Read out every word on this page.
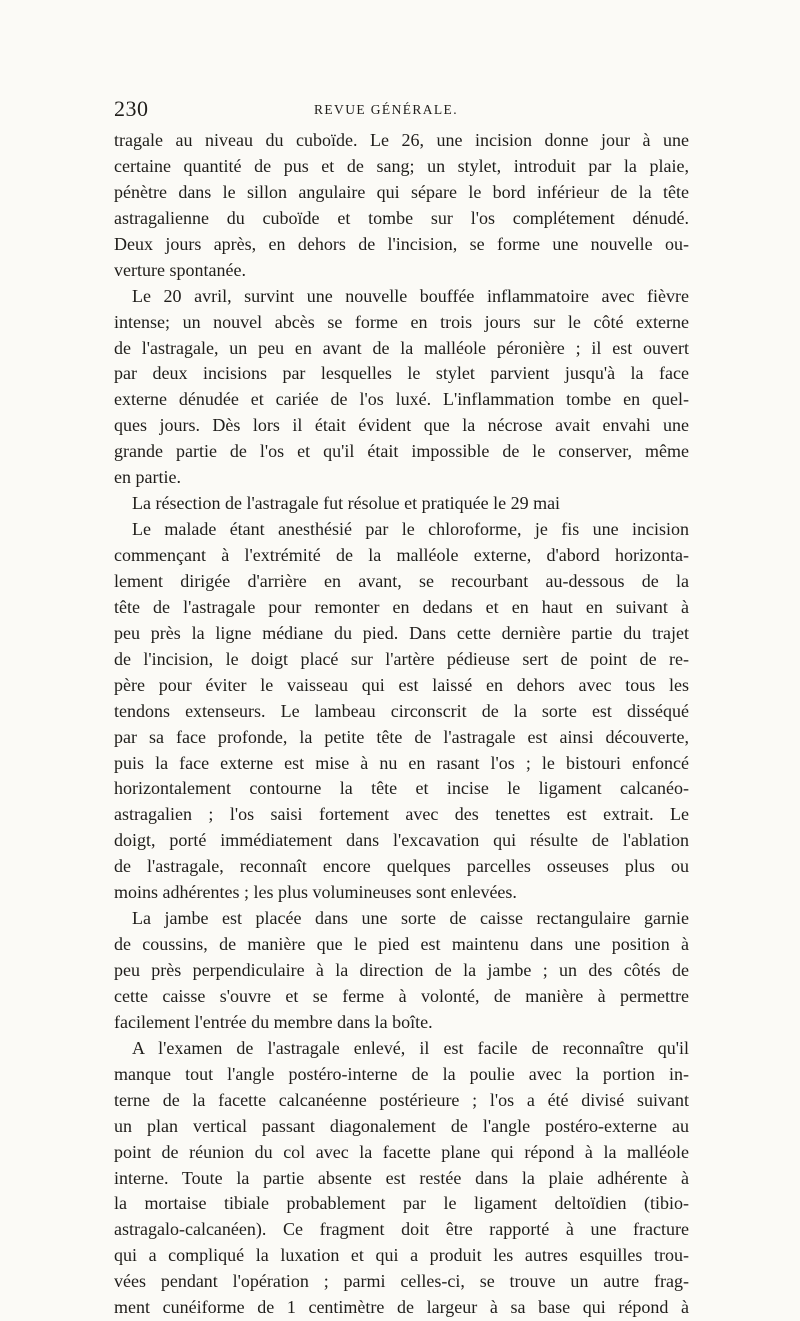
230	REVUE GÉNÉRALE.
tragale au niveau du cuboïde. Le 26, une incision donne jour à une
certaine quantité de pus et de sang; un stylet, introduit par la plaie,
pénètre dans le sillon angulaire qui sépare le bord inférieur de la tête
astragalienne du cuboïde et tombe sur l'os complétement dénudé.
Deux jours après, en dehors de l'incision, se forme une nouvelle ou-
verture spontanée.
Le 20 avril, survint une nouvelle bouffée inflammatoire avec fièvre
intense; un nouvel abcès se forme en trois jours sur le côté externe
de l'astragale, un peu en avant de la malléole péronière ; il est ouvert
par deux incisions par lesquelles le stylet parvient jusqu'à la face
externe dénudée et cariée de l'os luxé. L'inflammation tombe en quel-
ques jours. Dès lors il était évident que la nécrose avait envahi une
grande partie de l'os et qu'il était impossible de le conserver, même
en partie.
La résection de l'astragale fut résolue et pratiquée le 29 mai
Le malade étant anesthésié par le chloroforme, je fis une incision
commençant à l'extrémité de la malléole externe, d'abord horizonta-
lement dirigée d'arrière en avant, se recourbant au-dessous de la
tête de l'astragale pour remonter en dedans et en haut en suivant à
peu près la ligne médiane du pied. Dans cette dernière partie du trajet
de l'incision, le doigt placé sur l'artère pédieuse sert de point de re-
père pour éviter le vaisseau qui est laissé en dehors avec tous les
tendons extenseurs. Le lambeau circonscrit de la sorte est disséqué
par sa face profonde, la petite tête de l'astragale est ainsi découverte,
puis la face externe est mise à nu en rasant l'os ; le bistouri enfoncé
horizontalement contourne la tête et incise le ligament calcanéo-
astragalien ; l'os saisi fortement avec des tenettes est extrait. Le
doigt, porté immédiatement dans l'excavation qui résulte de l'ablation
de l'astragale, reconnaît encore quelques parcelles osseuses plus ou
moins adhérentes ; les plus volumineuses sont enlevées.
La jambe est placée dans une sorte de caisse rectangulaire garnie
de coussins, de manière que le pied est maintenu dans une position à
peu près perpendiculaire à la direction de la jambe ; un des côtés de
cette caisse s'ouvre et se ferme à volonté, de manière à permettre
facilement l'entrée du membre dans la boîte.
A l'examen de l'astragale enlevé, il est facile de reconnaître qu'il
manque tout l'angle postéro-interne de la poulie avec la portion in-
terne de la facette calcanéenne postérieure ; l'os a été divisé suivant
un plan vertical passant diagonalement de l'angle postéro-externe au
point de réunion du col avec la facette plane qui répond à la malléole
interne. Toute la partie absente est restée dans la plaie adhérente à
la mortaise tibiale probablement par le ligament deltoïdien (tibio-
astragalo-calcanéen). Ce fragment doit être rapporté à une fracture
qui a compliqué la luxation et qui a produit les autres esquilles trou-
vées pendant l'opération ; parmi celles-ci, se trouve un autre frag-
ment cunéiforme de 1 centimètre de largeur à sa base qui répond à
